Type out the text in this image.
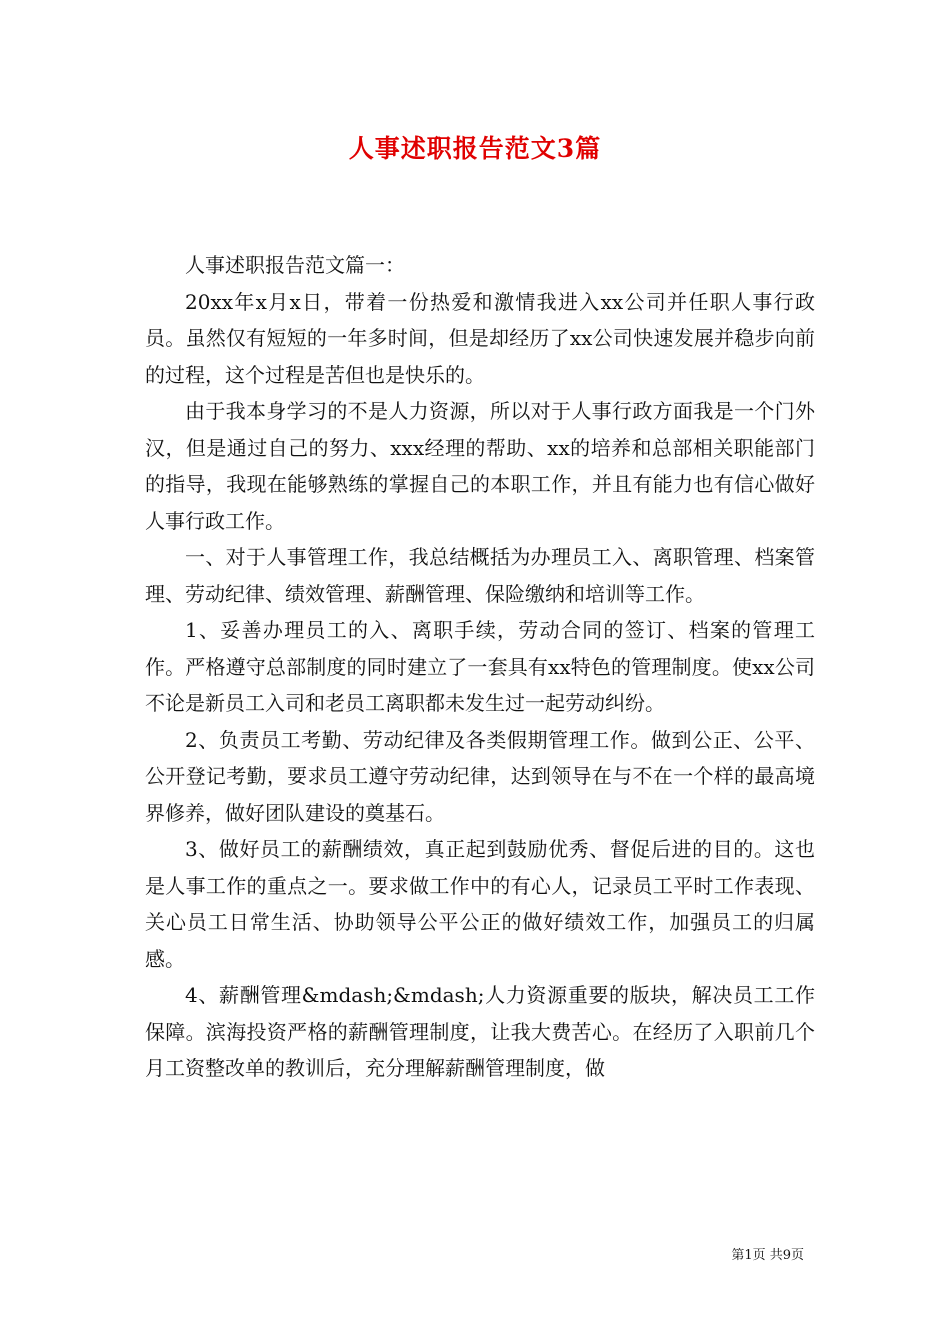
人事述职报告范文3篇

人事述职报告范文篇一：

20xx年x月x日，带着一份热爱和激情我进入xx公司并任职人事行政员。虽然仅有短短的一年多时间，但是却经历了xx公司快速发展并稳步向前的过程，这个过程是苦但也是快乐的。

由于我本身学习的不是人力资源，所以对于人事行政方面我是一个门外汉，但是通过自己的努力、xxx经理的帮助、xx的培养和总部相关职能部门的指导，我现在能够熟练的掌握自己的本职工作，并且有能力也有信心做好人事行政工作。

一、对于人事管理工作，我总结概括为办理员工入、离职管理、档案管理、劳动纪律、绩效管理、薪酬管理、保险缴纳和培训等工作。

1、妥善办理员工的入、离职手续，劳动合同的签订、档案的管理工作。严格遵守总部制度的同时建立了一套具有xx特色的管理制度。使xx公司不论是新员工入司和老员工离职都未发生过一起劳动纠纷。

2、负责员工考勤、劳动纪律及各类假期管理工作。做到公正、公平、公开登记考勤，要求员工遵守劳动纪律，达到领导在与不在一个样的最高境界修养，做好团队建设的奠基石。

3、做好员工的薪酬绩效，真正起到鼓励优秀、督促后进的目的。这也是人事工作的重点之一。要求做工作中的有心人，记录员工平时工作表现、关心员工日常生活、协助领导公平公正的做好绩效工作，加强员工的归属感。

4、薪酬管理&mdash;&mdash;人力资源重要的版块，解决员工工作保障。滨海投资严格的薪酬管理制度，让我大费苦心。在经历了入职前几个月工资整改单的教训后，充分理解薪酬管理制度，做

第1页 共9页
